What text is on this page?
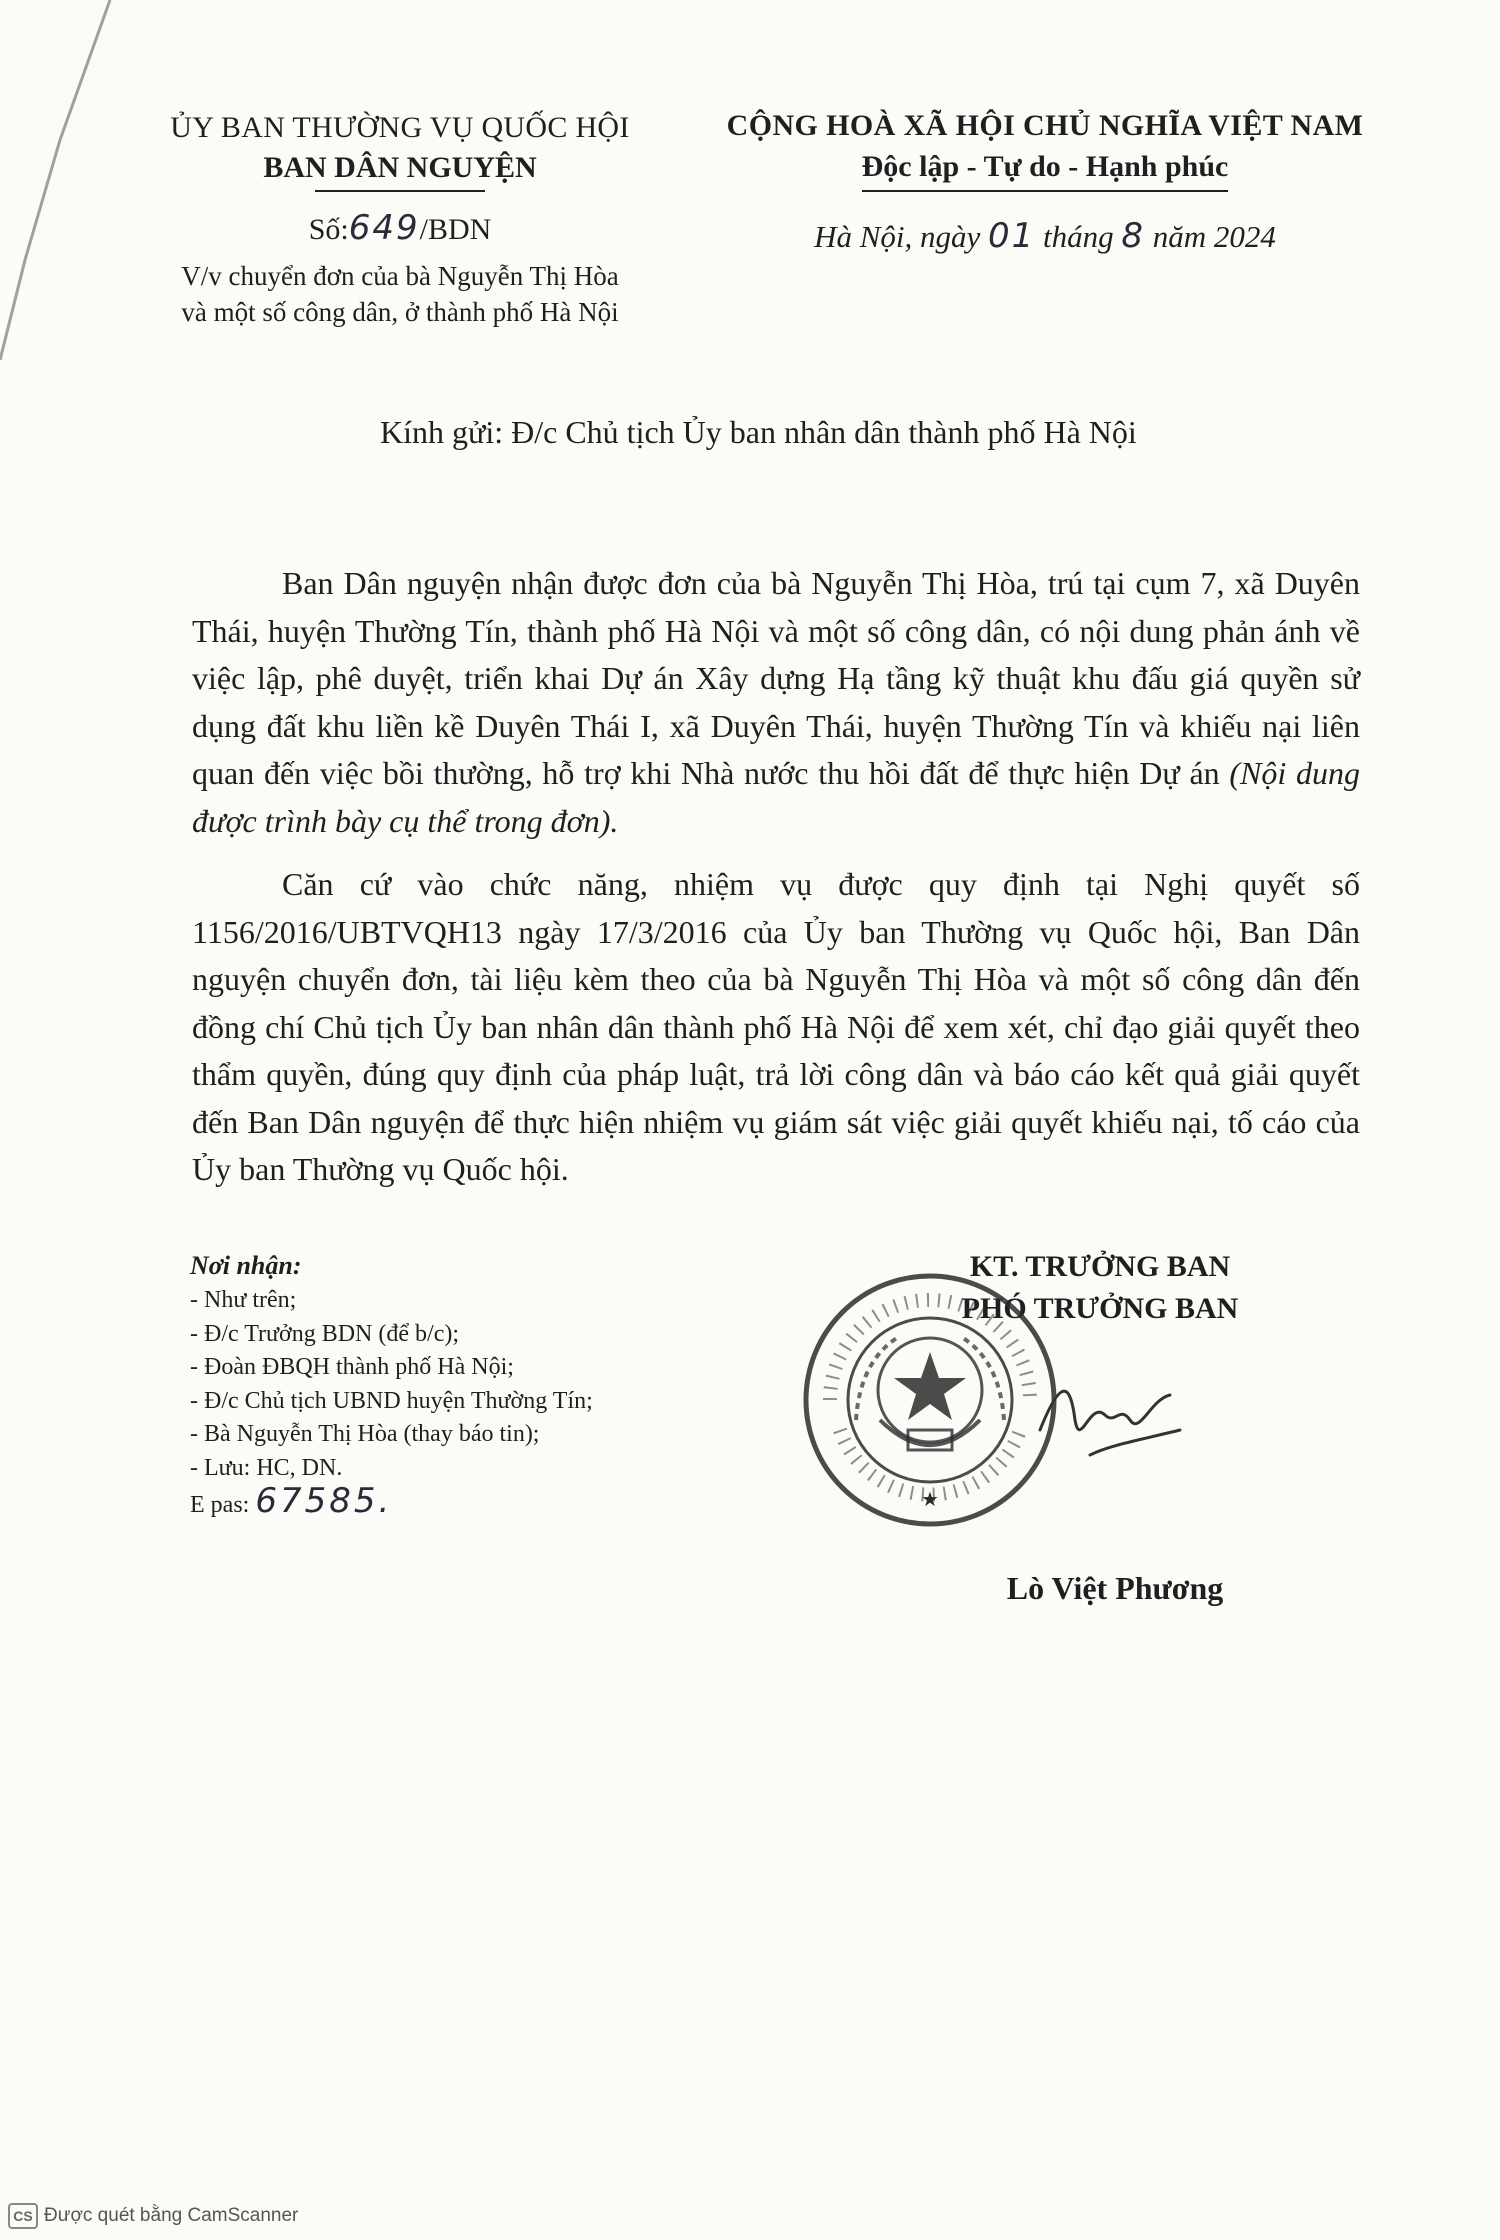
ỦY BAN THƯỜNG VỤ QUỐC HỘI
BAN DÂN NGUYỆN
CỘNG HOÀ XÃ HỘI CHỦ NGHĨA VIỆT NAM
Độc lập - Tự do - Hạnh phúc
Số:649/BDN
V/v chuyển đơn của bà Nguyễn Thị Hòa
và một số công dân, ở thành phố Hà Nội
Hà Nội, ngày 01 tháng 8 năm 2024
Kính gửi: Đ/c Chủ tịch Ủy ban nhân dân thành phố Hà Nội

Ban Dân nguyện nhận được đơn của bà Nguyễn Thị Hòa, trú tại cụm 7, xã Duyên Thái, huyện Thường Tín, thành phố Hà Nội và một số công dân, có nội dung phản ánh về việc lập, phê duyệt, triển khai Dự án Xây dựng Hạ tầng kỹ thuật khu đấu giá quyền sử dụng đất khu liền kề Duyên Thái I, xã Duyên Thái, huyện Thường Tín và khiếu nại liên quan đến việc bồi thường, hỗ trợ khi Nhà nước thu hồi đất để thực hiện Dự án (Nội dung được trình bày cụ thể trong đơn).

Căn cứ vào chức năng, nhiệm vụ được quy định tại Nghị quyết số 1156/2016/UBTVQH13 ngày 17/3/2016 của Ủy ban Thường vụ Quốc hội, Ban Dân nguyện chuyển đơn, tài liệu kèm theo của bà Nguyễn Thị Hòa và một số công dân đến đồng chí Chủ tịch Ủy ban nhân dân thành phố Hà Nội để xem xét, chỉ đạo giải quyết theo thẩm quyền, đúng quy định của pháp luật, trả lời công dân và báo cáo kết quả giải quyết đến Ban Dân nguyện để thực hiện nhiệm vụ giám sát việc giải quyết khiếu nại, tố cáo của Ủy ban Thường vụ Quốc hội.

Nơi nhận:
- Như trên;
- Đ/c Trưởng BDN (để b/c);
- Đoàn ĐBQH thành phố Hà Nội;
- Đ/c Chủ tịch UBND huyện Thường Tín;
- Bà Nguyễn Thị Hòa (thay báo tin);
- Lưu: HC, DN.
E pas: 67585.
KT. TRƯỞNG BAN
PHÓ TRƯỞNG BAN
★
Lò Việt Phương
CS Được quét bằng CamScanner
